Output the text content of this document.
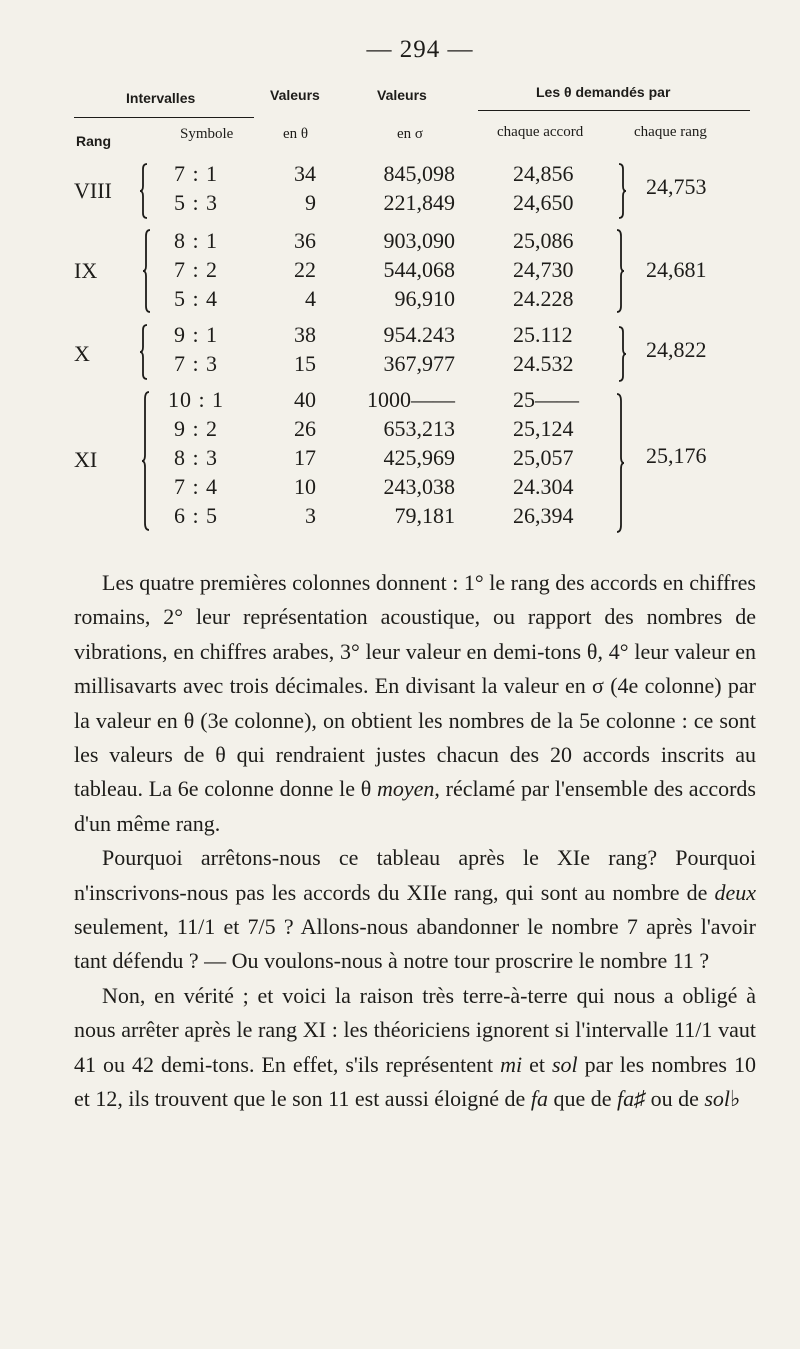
— 294 —
Intervalles	Valeurs	Valeurs	Les θ demandés par
Rang	Symbole	en θ	en σ	chaque accord	chaque rang
VIII
7 : 1	34	845,098	24,856
5 : 3	9	221,849	24,650
24,753
IX
8 : 1	36	903,090	25,086
7 : 2	22	544,068	24,730
5 : 4	4	96,910	24.228
24,681
X
9 : 1	38	954.243	25.112
7 : 3	15	367,977	24.532
24,822
XI
10 : 1	40	1000——	25——
9 : 2	26	653,213	25,124
8 : 3	17	425,969	25,057
7 : 4	10	243,038	24.304
6 : 5	3	79,181	26,394
25,176

Les quatre premières colonnes donnent : 1° le rang des accords en chiffres romains, 2° leur représentation acoustique, ou rapport des nombres de vibrations, en chiffres arabes, 3° leur valeur en demi-tons θ, 4° leur valeur en millisavarts avec trois décimales. En divisant la valeur en σ (4e colonne) par la valeur en θ (3e colonne), on obtient les nombres de la 5e colonne : ce sont les valeurs de θ qui rendraient justes chacun des 20 accords inscrits au tableau. La 6e colonne donne le θ moyen, réclamé par l'ensemble des accords d'un même rang.

Pourquoi arrêtons-nous ce tableau après le XIe rang? Pourquoi n'inscrivons-nous pas les accords du XIIe rang, qui sont au nombre de deux seulement, 11/1 et 7/5 ? Allons-nous abandonner le nombre 7 après l'avoir tant défendu ? — Ou voulons-nous à notre tour proscrire le nombre 11 ?

Non, en vérité ; et voici la raison très terre-à-terre qui nous a obligé à nous arrêter après le rang XI : les théoriciens ignorent si l'intervalle 11/1 vaut 41 ou 42 demi-tons. En effet, s'ils représentent mi et sol par les nombres 10 et 12, ils trouvent que le son 11 est aussi éloigné de fa que de fa♯ ou de sol♭
